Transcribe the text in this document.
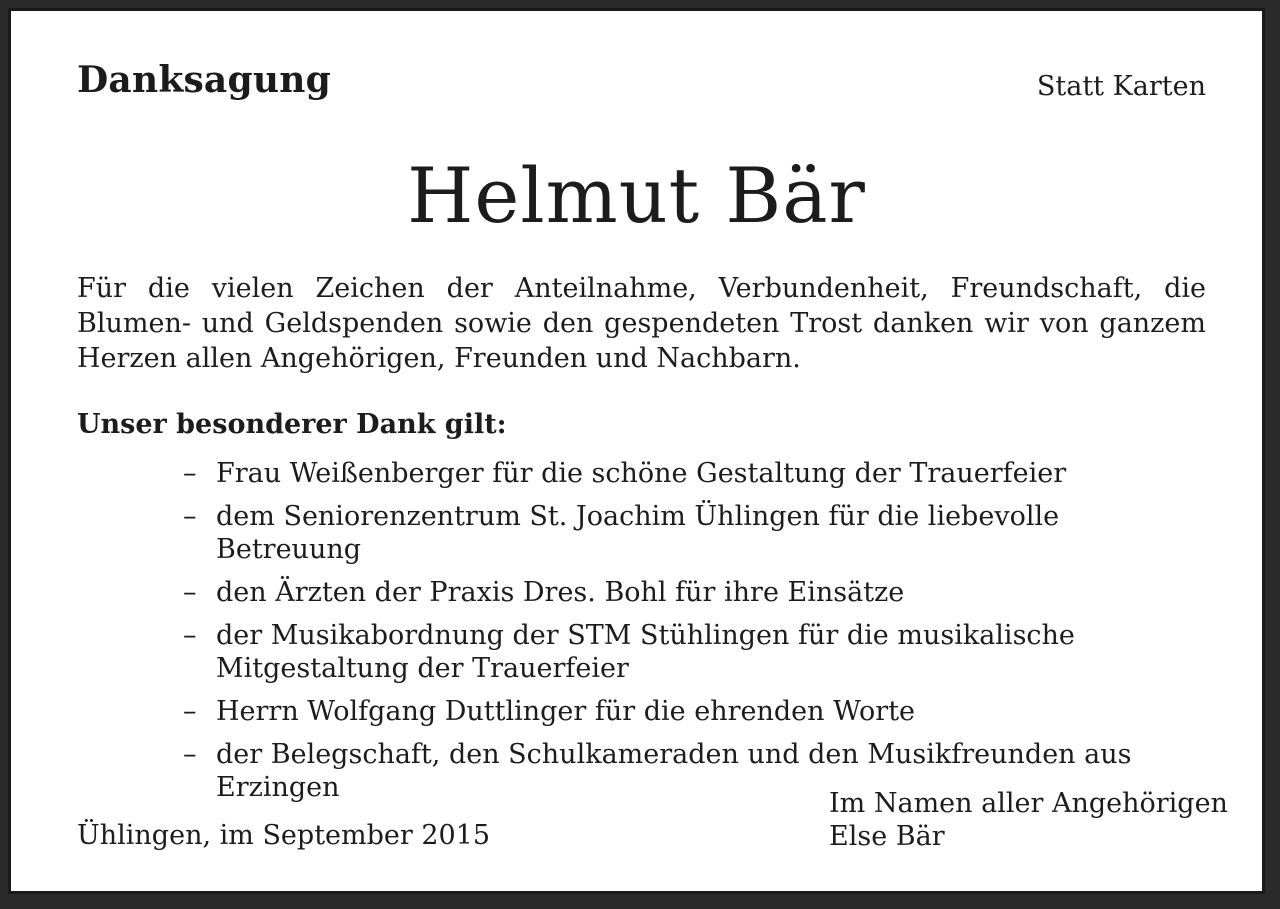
Danksagung	Statt Karten
Helmut Bär
Für die vielen Zeichen der Anteilnahme, Verbundenheit, Freundschaft, die Blumen- und Geldspenden sowie den gespendeten Trost danken wir von ganzem Herzen allen Angehörigen, Freunden und Nachbarn.
Unser besonderer Dank gilt:
– Frau Weißenberger für die schöne Gestaltung der Trauerfeier
– dem Seniorenzentrum St. Joachim Ühlingen für die liebevolle Betreuung
– den Ärzten der Praxis Dres. Bohl für ihre Einsätze
– der Musikabordnung der STM Stühlingen für die musikalische Mitgestaltung der Trauerfeier
– Herrn Wolfgang Duttlinger für die ehrenden Worte
– der Belegschaft, den Schulkameraden und den Musikfreunden aus Erzingen
Ühlingen, im September 2015
Im Namen aller Angehörigen
Else Bär
